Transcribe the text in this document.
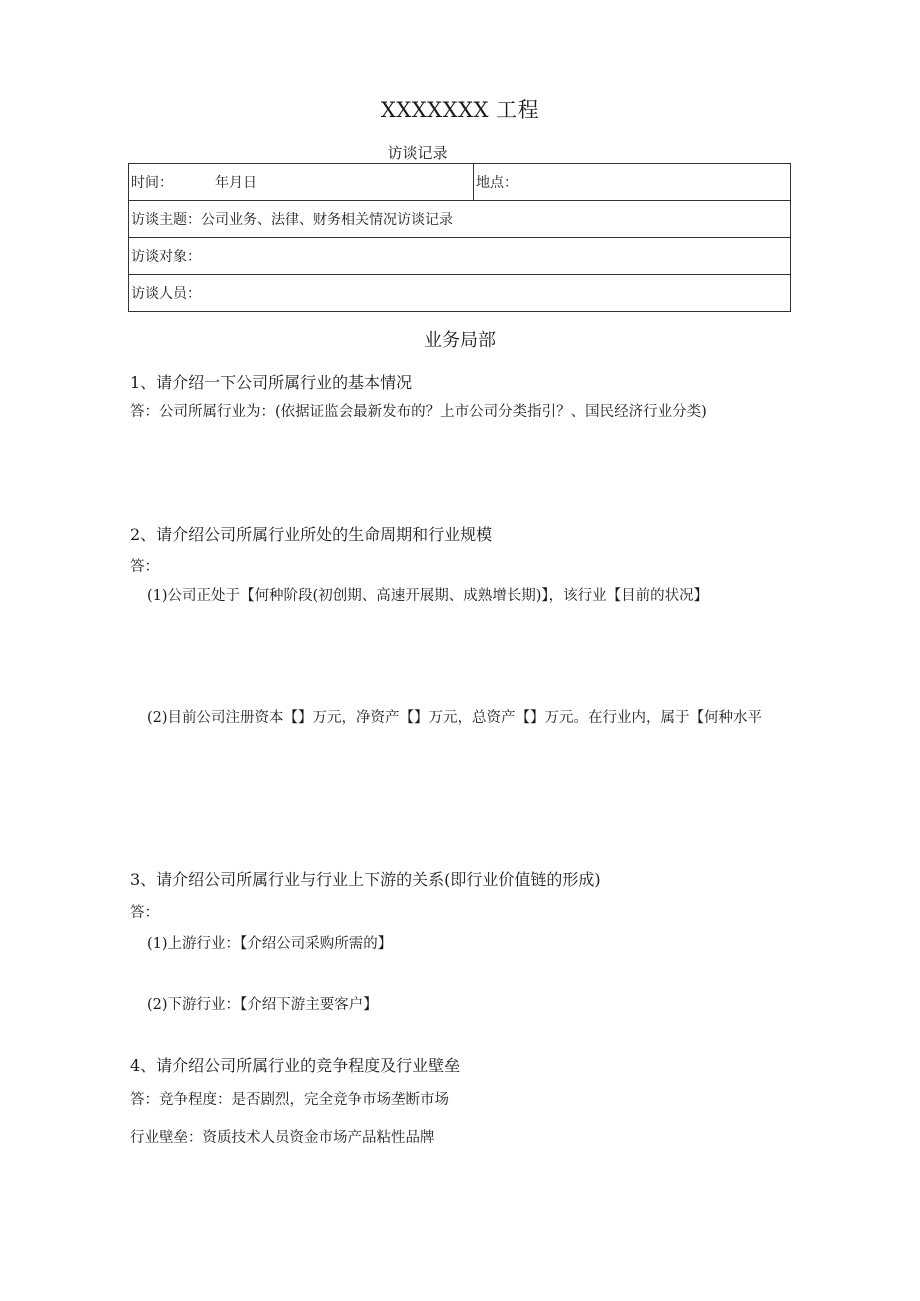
XXXXXXX 工程
访谈记录
时间：	年月日	地点：
访谈主题：公司业务、法律、财务相关情况访谈记录
访谈对象：
访谈人员：
业务局部
1、请介绍一下公司所属行业的基本情况
答：公司所属行业为：(依据证监会最新发布的？上市公司分类指引？、国民经济行业分类)
2、请介绍公司所属行业所处的生命周期和行业规模
答：
(1)公司正处于【何种阶段(初创期、高速开展期、成熟增长期)】，该行业【目前的状况】
(2)目前公司注册资本【】万元，净资产【】万元，总资产【】万元。在行业内，属于【何种水平
3、请介绍公司所属行业与行业上下游的关系(即行业价值链的形成)
答：
(1)上游行业：【介绍公司采购所需的】
(2)下游行业：【介绍下游主要客户】
4、请介绍公司所属行业的竞争程度及行业壁垒
答：竞争程度：是否剧烈，完全竞争市场垄断市场
行业壁垒：资质技术人员资金市场产品粘性品牌
